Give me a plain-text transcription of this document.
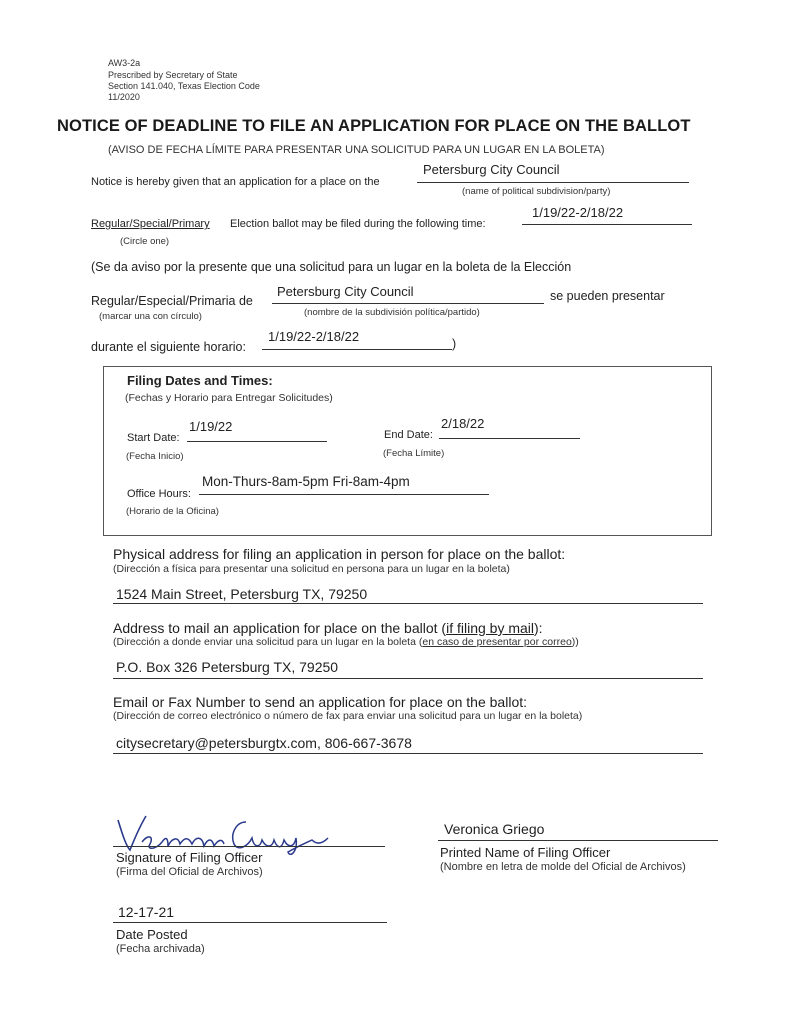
AW3-2a
Prescribed by Secretary of State
Section 141.040, Texas Election Code
11/2020
NOTICE OF DEADLINE TO FILE AN APPLICATION FOR PLACE ON THE BALLOT
(AVISO DE FECHA LÍMITE PARA PRESENTAR UNA SOLICITUD PARA UN LUGAR EN LA BOLETA)
Notice is hereby given that an application for a place on the
Petersburg City Council
(name of political subdivision/party)
Regular/Special/Primary Election ballot may be filed during the following time:
1/19/22-2/18/22
(Circle one)
(Se da aviso por la presente que una solicitud para un lugar en la boleta de la Elección
Regular/Especial/Primaria de
Petersburg City Council	se pueden presentar
(marcar una con círculo)	(nombre de la subdivisión política/partido)
durante el siguiente horario:
1/19/22-2/18/22	)
Filing Dates and Times:
(Fechas y Horario para Entregar Solicitudes)
Start Date:
1/19/22
(Fecha Inicio)
End Date:
2/18/22
(Fecha Límite)
Office Hours:
Mon-Thurs-8am-5pm Fri-8am-4pm
(Horario de la Oficina)
Physical address for filing an application in person for place on the ballot:
(Dirección a física para presentar una solicitud en persona para un lugar en la boleta)
1524 Main Street, Petersburg TX, 79250
Address to mail an application for place on the ballot (if filing by mail):
(Dirección a donde enviar una solicitud para un lugar en la boleta (en caso de presentar por correo))
P.O. Box 326 Petersburg TX, 79250
Email or Fax Number to send an application for place on the ballot:
(Dirección de correo electrónico o número de fax para enviar una solicitud para un lugar en la boleta)
citysecretary@petersburgtx.com, 806-667-3678
Signature of Filing Officer
(Firma del Oficial de Archivos)
Veronica Griego
Printed Name of Filing Officer
(Nombre en letra de molde del Oficial de Archivos)
12-17-21
Date Posted
(Fecha archivada)
